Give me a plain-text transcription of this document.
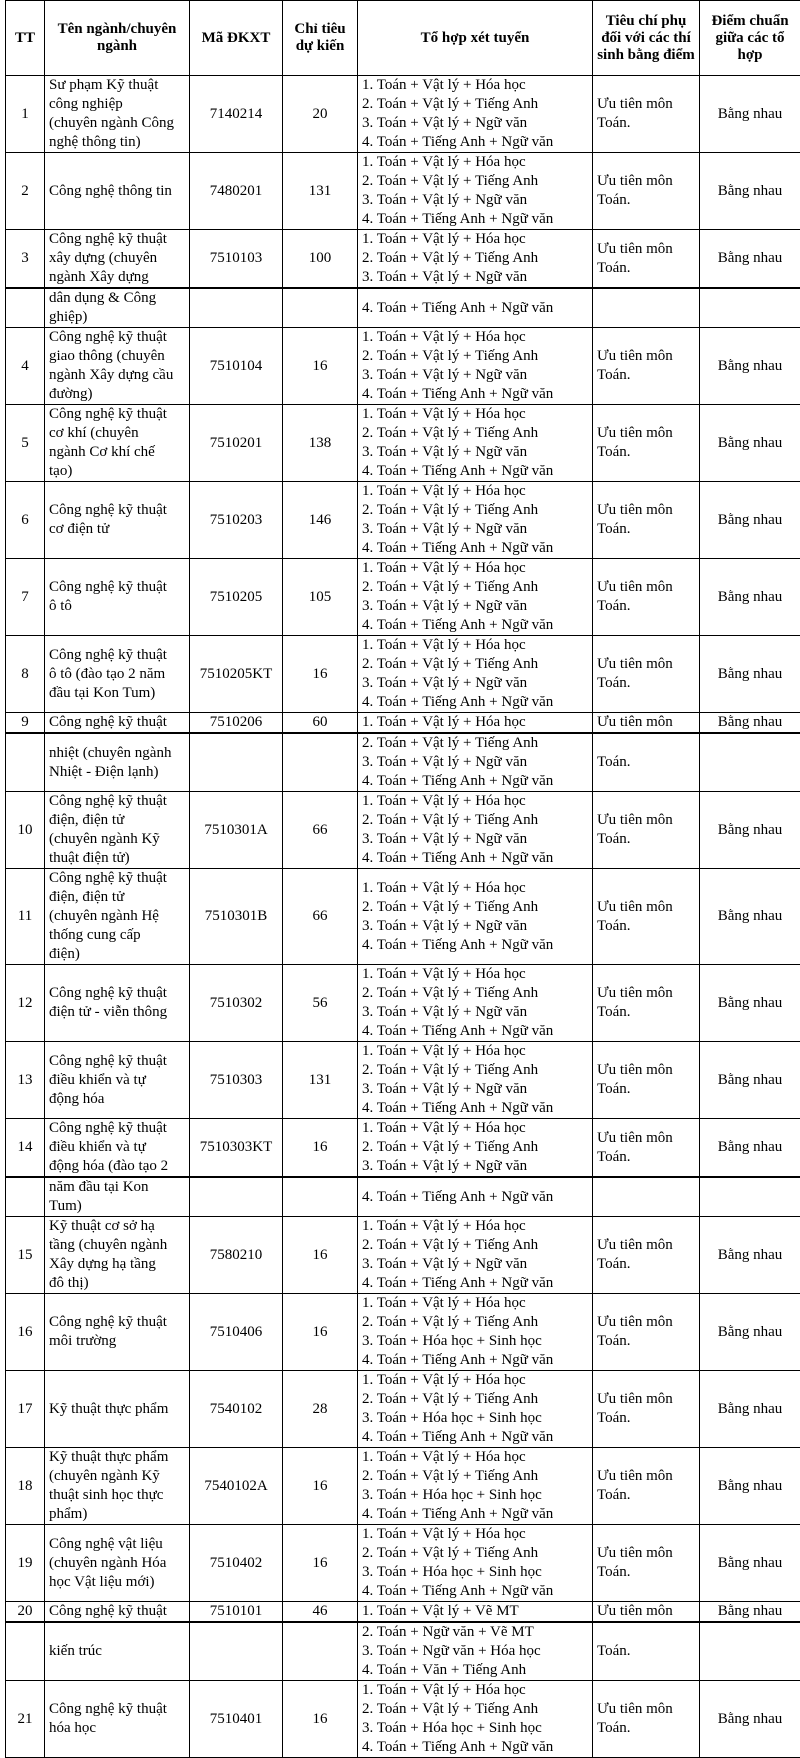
TT	Tên ngành/chuyên ngành	Mã ĐKXT	Chỉ tiêu dự kiến	Tổ hợp xét tuyển	Tiêu chí phụ đối với các thí sinh bằng điểm	Điểm chuẩn giữa các tổ hợp
1	Sư phạm Kỹ thuật
công nghiệp
(chuyên ngành Công
nghệ thông tin)	7140214	20	1. Toán + Vật lý + Hóa học
2. Toán + Vật lý + Tiếng Anh
3. Toán + Vật lý + Ngữ văn
4. Toán + Tiếng Anh + Ngữ văn	Ưu tiên môn
Toán.	Bằng nhau
2	Công nghệ thông tin	7480201	131	1. Toán + Vật lý + Hóa học
2. Toán + Vật lý + Tiếng Anh
3. Toán + Vật lý + Ngữ văn
4. Toán + Tiếng Anh + Ngữ văn	Ưu tiên môn
Toán.	Bằng nhau
3	Công nghệ kỹ thuật
xây dựng (chuyên
ngành Xây dựng	7510103	100	1. Toán + Vật lý + Hóa học
2. Toán + Vật lý + Tiếng Anh
3. Toán + Vật lý + Ngữ văn	Ưu tiên môn
Toán.	Bằng nhau

	dân dụng & Công
ghiệp)			4. Toán + Tiếng Anh + Ngữ văn		

4	Công nghệ kỹ thuật
giao thông (chuyên
ngành Xây dựng cầu
đường)	7510104	16	1. Toán + Vật lý + Hóa học
2. Toán + Vật lý + Tiếng Anh
3. Toán + Vật lý + Ngữ văn
4. Toán + Tiếng Anh + Ngữ văn	Ưu tiên môn
Toán.	Bằng nhau
5	Công nghệ kỹ thuật
cơ khí (chuyên
ngành Cơ khí chế
tạo)	7510201	138	1. Toán + Vật lý + Hóa học
2. Toán + Vật lý + Tiếng Anh
3. Toán + Vật lý + Ngữ văn
4. Toán + Tiếng Anh + Ngữ văn	Ưu tiên môn
Toán.	Bằng nhau
6	Công nghệ kỹ thuật
cơ điện tử	7510203	146	1. Toán + Vật lý + Hóa học
2. Toán + Vật lý + Tiếng Anh
3. Toán + Vật lý + Ngữ văn
4. Toán + Tiếng Anh + Ngữ văn	Ưu tiên môn
Toán.	Bằng nhau
7	Công nghệ kỹ thuật
ô tô	7510205	105	1. Toán + Vật lý + Hóa học
2. Toán + Vật lý + Tiếng Anh
3. Toán + Vật lý + Ngữ văn
4. Toán + Tiếng Anh + Ngữ văn	Ưu tiên môn
Toán.	Bằng nhau
8	Công nghệ kỹ thuật
ô tô (đào tạo 2 năm
đầu tại Kon Tum)	7510205KT	16	1. Toán + Vật lý + Hóa học
2. Toán + Vật lý + Tiếng Anh
3. Toán + Vật lý + Ngữ văn
4. Toán + Tiếng Anh + Ngữ văn	Ưu tiên môn
Toán.	Bằng nhau
9	Công nghệ kỹ thuật	7510206	60	1. Toán + Vật lý + Hóa học	Ưu tiên môn	Bằng nhau

	nhiệt (chuyên ngành
Nhiệt - Điện lạnh)			2. Toán + Vật lý + Tiếng Anh
3. Toán + Vật lý + Ngữ văn
4. Toán + Tiếng Anh + Ngữ văn	Toán.	

10	Công nghệ kỹ thuật
điện, điện tử
(chuyên ngành Kỹ
thuật điện tử)	7510301A	66	1. Toán + Vật lý + Hóa học
2. Toán + Vật lý + Tiếng Anh
3. Toán + Vật lý + Ngữ văn
4. Toán + Tiếng Anh + Ngữ văn	Ưu tiên môn
Toán.	Bằng nhau
11	Công nghệ kỹ thuật
điện, điện tử
(chuyên ngành Hệ
thống cung cấp
điện)	7510301B	66	1. Toán + Vật lý + Hóa học
2. Toán + Vật lý + Tiếng Anh
3. Toán + Vật lý + Ngữ văn
4. Toán + Tiếng Anh + Ngữ văn	Ưu tiên môn
Toán.	Bằng nhau
12	Công nghệ kỹ thuật
điện tử - viễn thông	7510302	56	1. Toán + Vật lý + Hóa học
2. Toán + Vật lý + Tiếng Anh
3. Toán + Vật lý + Ngữ văn
4. Toán + Tiếng Anh + Ngữ văn	Ưu tiên môn
Toán.	Bằng nhau
13	Công nghệ kỹ thuật
điều khiển và tự
động hóa	7510303	131	1. Toán + Vật lý + Hóa học
2. Toán + Vật lý + Tiếng Anh
3. Toán + Vật lý + Ngữ văn
4. Toán + Tiếng Anh + Ngữ văn	Ưu tiên môn
Toán.	Bằng nhau
14	Công nghệ kỹ thuật
điều khiển và tự
động hóa (đào tạo 2	7510303KT	16	1. Toán + Vật lý + Hóa học
2. Toán + Vật lý + Tiếng Anh
3. Toán + Vật lý + Ngữ văn	Ưu tiên môn
Toán.	Bằng nhau

	năm đầu tại Kon
Tum)			4. Toán + Tiếng Anh + Ngữ văn		

15	Kỹ thuật cơ sở hạ
tầng (chuyên ngành
Xây dựng hạ tầng
đô thị)	7580210	16	1. Toán + Vật lý + Hóa học
2. Toán + Vật lý + Tiếng Anh
3. Toán + Vật lý + Ngữ văn
4. Toán + Tiếng Anh + Ngữ văn	Ưu tiên môn
Toán.	Bằng nhau
16	Công nghệ kỹ thuật
môi trường	7510406	16	1. Toán + Vật lý + Hóa học
2. Toán + Vật lý + Tiếng Anh
3. Toán + Hóa học + Sinh học
4. Toán + Tiếng Anh + Ngữ văn	Ưu tiên môn
Toán.	Bằng nhau
17	Kỹ thuật thực phẩm	7540102	28	1. Toán + Vật lý + Hóa học
2. Toán + Vật lý + Tiếng Anh
3. Toán + Hóa học + Sinh học
4. Toán + Tiếng Anh + Ngữ văn	Ưu tiên môn
Toán.	Bằng nhau
18	Kỹ thuật thực phẩm
(chuyên ngành Kỹ
thuật sinh học thực
phẩm)	7540102A	16	1. Toán + Vật lý + Hóa học
2. Toán + Vật lý + Tiếng Anh
3. Toán + Hóa học + Sinh học
4. Toán + Tiếng Anh + Ngữ văn	Ưu tiên môn
Toán.	Bằng nhau
19	Công nghệ vật liệu
(chuyên ngành Hóa
học Vật liệu mới)	7510402	16	1. Toán + Vật lý + Hóa học
2. Toán + Vật lý + Tiếng Anh
3. Toán + Hóa học + Sinh học
4. Toán + Tiếng Anh + Ngữ văn	Ưu tiên môn
Toán.	Bằng nhau
20	Công nghệ kỹ thuật	7510101	46	1. Toán + Vật lý + Vẽ MT	Ưu tiên môn	Bằng nhau

	kiến trúc			2. Toán + Ngữ văn + Vẽ MT
3. Toán + Ngữ văn + Hóa học
4. Toán + Văn + Tiếng Anh	Toán.	

21	Công nghệ kỹ thuật
hóa học	7510401	16	1. Toán + Vật lý + Hóa học
2. Toán + Vật lý + Tiếng Anh
3. Toán + Hóa học + Sinh học
4. Toán + Tiếng Anh + Ngữ văn	Ưu tiên môn
Toán.	Bằng nhau
